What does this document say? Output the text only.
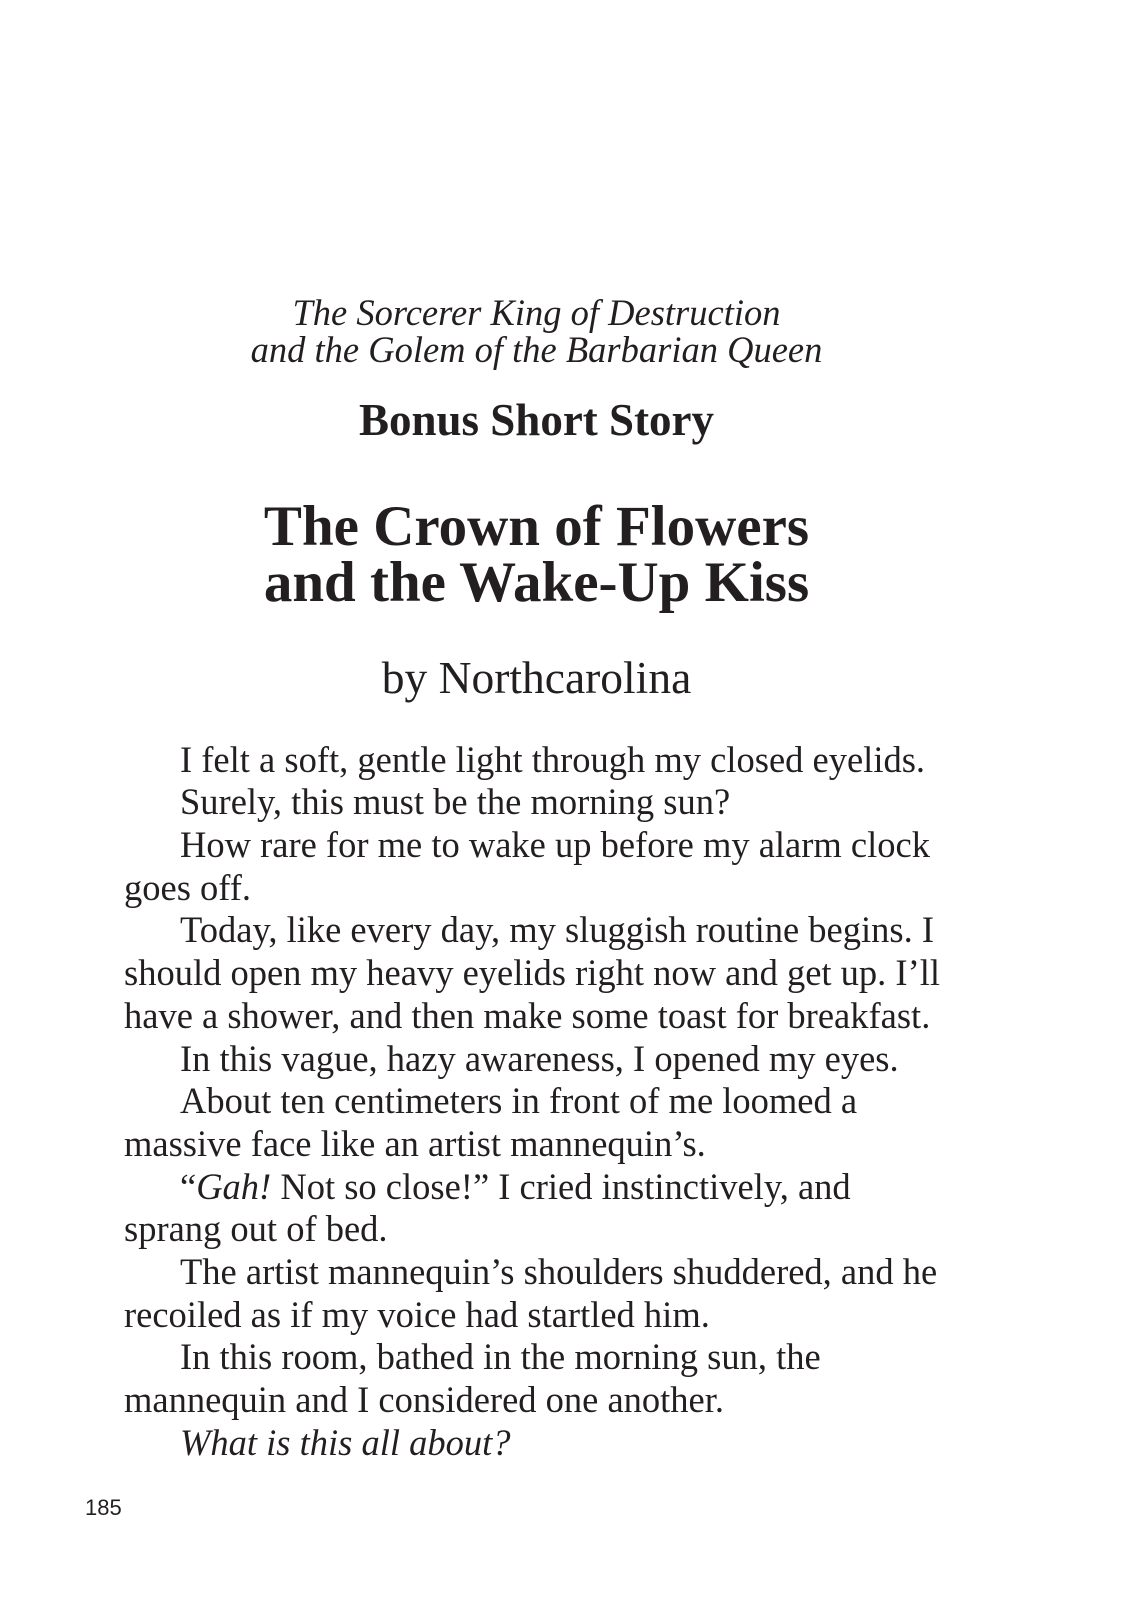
The Sorcerer King of Destruction
and the Golem of the Barbarian Queen
Bonus Short Story
The Crown of Flowers
and the Wake-Up Kiss
by Northcarolina

I felt a soft, gentle light through my closed eyelids.

Surely, this must be the morning sun?

How rare for me to wake up before my alarm clock
goes off.

Today, like every day, my sluggish routine begins. I
should open my heavy eyelids right now and get up. I’ll
have a shower, and then make some toast for breakfast.

In this vague, hazy awareness, I opened my eyes.

About ten centimeters in front of me loomed a
massive face like an artist mannequin’s.

“Gah! Not so close!” I cried instinctively, and
sprang out of bed.

The artist mannequin’s shoulders shuddered, and he
recoiled as if my voice had startled him.

In this room, bathed in the morning sun, the
mannequin and I considered one another.

What is this all about?

185
